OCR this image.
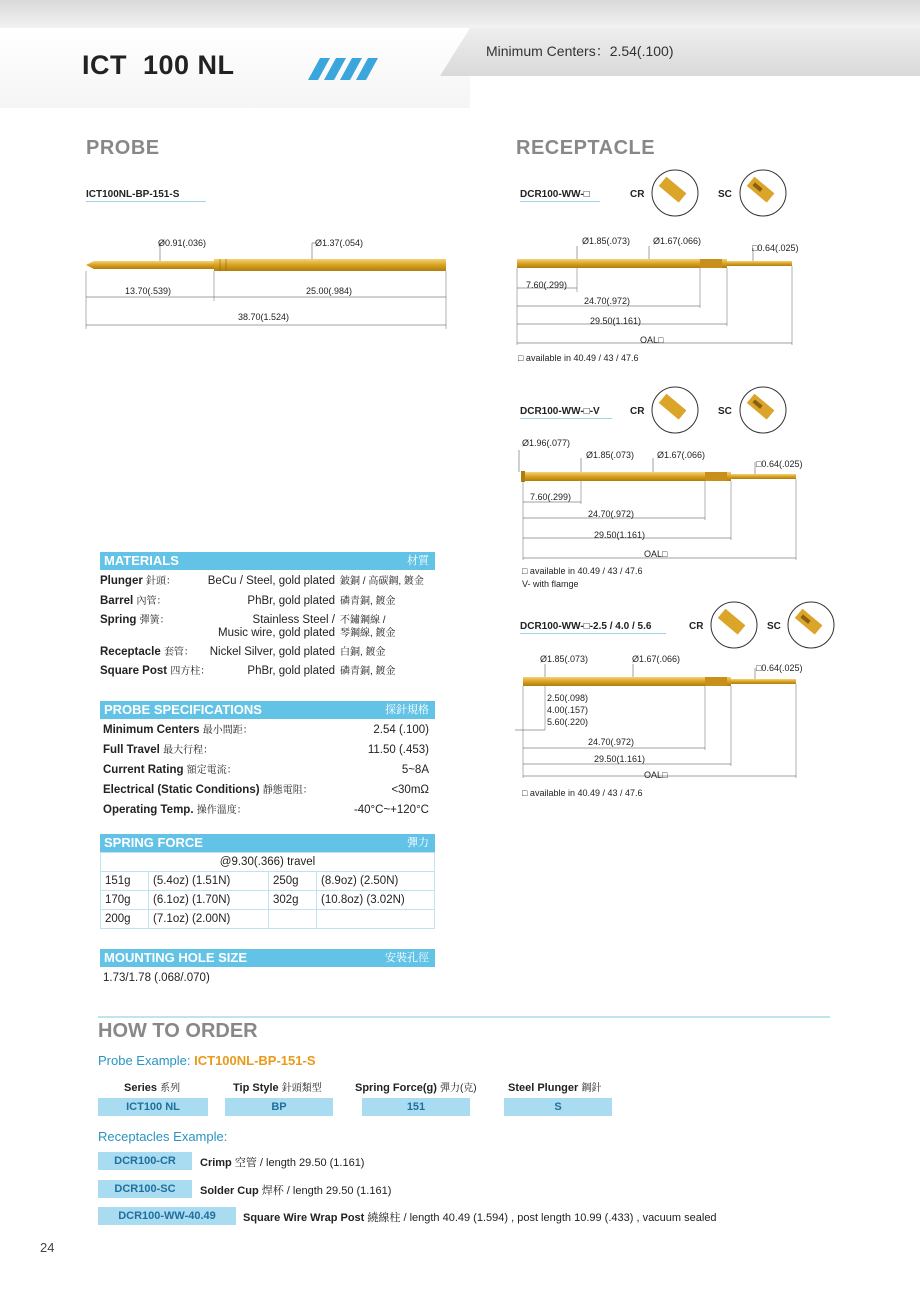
ICT  100 NL	Minimum Centers：2.54(.100)
PROBE
ICT100NL-BP-151-S
Ø0.91(.036)	Ø1.37(.054)
13.70(.539)	25.00(.984)
38.70(1.524)
RECEPTACLE
DCR100-WW-□	CR	SC
Ø1.85(.073)	Ø1.67(.066)
□0.64(.025)
7.60(.299)
24.70(.972)
29.50(1.161)
OAL□
□ available in 40.49 / 43 / 47.6
DCR100-WW-□-V	CR	SC
Ø1.96(.077)
Ø1.85(.073)	Ø1.67(.066)
□0.64(.025)
7.60(.299)
24.70(.972)
29.50(1.161)
OAL□
□ available in 40.49 / 43 / 47.6
V- with flamge
DCR100-WW-□-2.5 / 4.0 / 5.6	CR	SC
Ø1.85(.073)	Ø1.67(.066)
□0.64(.025)
2.50(.098)
4.00(.157)
5.60(.220)
24.70(.972)
29.50(1.161)
OAL□
□ available in 40.49 / 43 / 47.6
MATERIALS	材質
Plunger 針頭：	BeCu / Steel, gold plated 鈹銅 / 高碳鋼, 鍍金
Barrel 內管：	PhBr, gold plated 磷青銅, 鍍金
Spring 彈簧：	Stainless Steel / 不鏽鋼線 /
Music wire, gold plated 琴鋼線, 鍍金
Receptacle 套管： Nickel Silver, gold plated 白銅, 鍍金
Square Post 四方柱：	PhBr, gold plated 磷青銅, 鍍金
PROBE SPECIFICATIONS	探針規格
Minimum Centers 最小間距：	2.54 (.100)
Full Travel 最大行程：	11.50 (.453)
Current Rating 額定電流：	5~8A
Electrical (Static Conditions) 靜態電阻：	<30mΩ
Operating Temp. 操作溫度：	-40°C~+120°C
SPRING FORCE	彈力
@9.30(.366) travel			
151g	(5.4oz) (1.51N)	250g	(8.9oz) (2.50N)
170g	(6.1oz) (1.70N)	302g	(10.8oz) (3.02N)
200g	(7.1oz) (2.00N)		
MOUNTING HOLE SIZE	安裝孔徑
1.73/1.78 (.068/.070)
HOW TO ORDER
Probe Example: ICT100NL-BP-151-S
Series 系列	Tip Style 針頭類型	Spring Force(g) 彈力(克)	Steel Plunger 鋼針
ICT100 NL	BP	151	S
Receptacles Example:
DCR100-CR	Crimp 空管 / length 29.50 (1.161)
DCR100-SC	Solder Cup 焊杯 / length 29.50 (1.161)
DCR100-WW-40.49	Square Wire Wrap Post 繞線柱 / length 40.49 (1.594) , post length 10.99 (.433) , vacuum sealed
24
